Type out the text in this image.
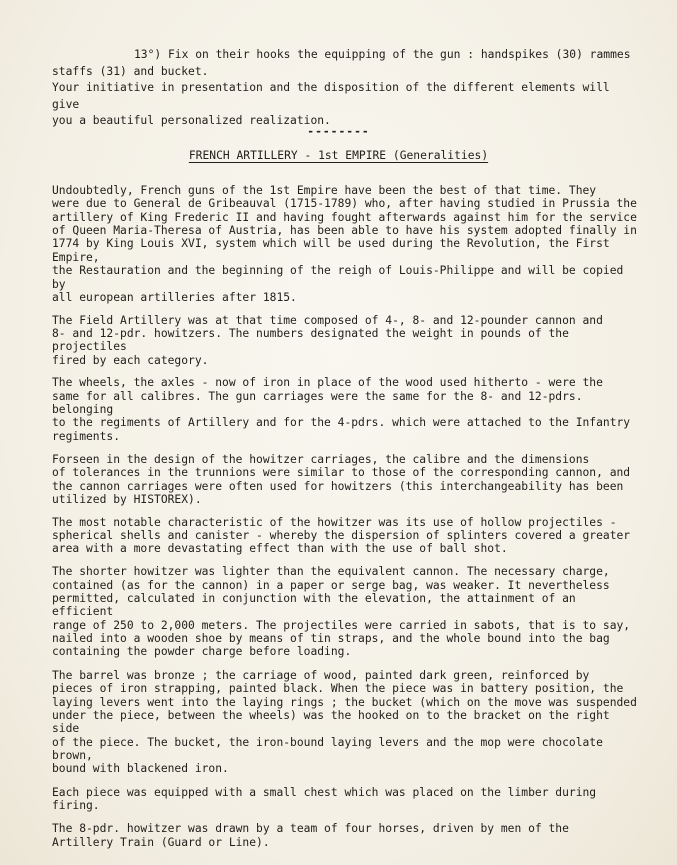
13°) Fix on their hooks the equipping of the gun : handspikes (30) rammes
staffs (31) and bucket.

Your initiative in presentation and the disposition of the different elements will give
you a beautiful personalized realization.

--------
FRENCH ARTILLERY - 1st EMPIRE (Generalities)

Undoubtedly, French guns of the 1st Empire have been the best of that time. They
were due to General de Gribeauval (1715-1789) who, after having studied in Prussia the
artillery of King Frederic II and having fought afterwards against him for the service
of Queen Maria-Theresa of Austria, has been able to have his system adopted finally in
1774 by King Louis XVI, system which will be used during the Revolution, the First Empire,
the Restauration and the beginning of the reigh of Louis-Philippe and will be copied by
all european artilleries after 1815.

The Field Artillery was at that time composed of 4-, 8- and 12-pounder cannon and
8- and 12-pdr. howitzers. The numbers designated the weight in pounds of the projectiles
fired by each category.

The wheels, the axles - now of iron in place of the wood used hitherto - were the
same for all calibres. The gun carriages were the same for the 8- and 12-pdrs. belonging
to the regiments of Artillery and for the 4-pdrs. which were attached to the Infantry
regiments.

Forseen in the design of the howitzer carriages, the calibre and the dimensions
of tolerances in the trunnions were similar to those of the corresponding cannon, and
the cannon carriages were often used for howitzers (this interchangeability has been
utilized by HISTOREX).

The most notable characteristic of the howitzer was its use of hollow projectiles -
spherical shells and canister - whereby the dispersion of splinters covered a greater
area with a more devastating effect than with the use of ball shot.

The shorter howitzer was lighter than the equivalent cannon. The necessary charge,
contained (as for the cannon) in a paper or serge bag, was weaker. It nevertheless
permitted, calculated in conjunction with the elevation, the attainment of an efficient
range of 250 to 2,000 meters. The projectiles were carried in sabots, that is to say,
nailed into a wooden shoe by means of tin straps, and the whole bound into the bag
containing the powder charge before loading.

The barrel was bronze ; the carriage of wood, painted dark green, reinforced by
pieces of iron strapping, painted black. When the piece was in battery position, the
laying levers went into the laying rings ; the bucket (which on the move was suspended
under the piece, between the wheels) was the hooked on to the bracket on the right side
of the piece. The bucket, the iron-bound laying levers and the mop were chocolate brown,
bound with blackened iron.

Each piece was equipped with a small chest which was placed on the limber during
firing.

The 8-pdr. howitzer was drawn by a team of four horses, driven by men of the
Artillery Train (Guard or Line).
